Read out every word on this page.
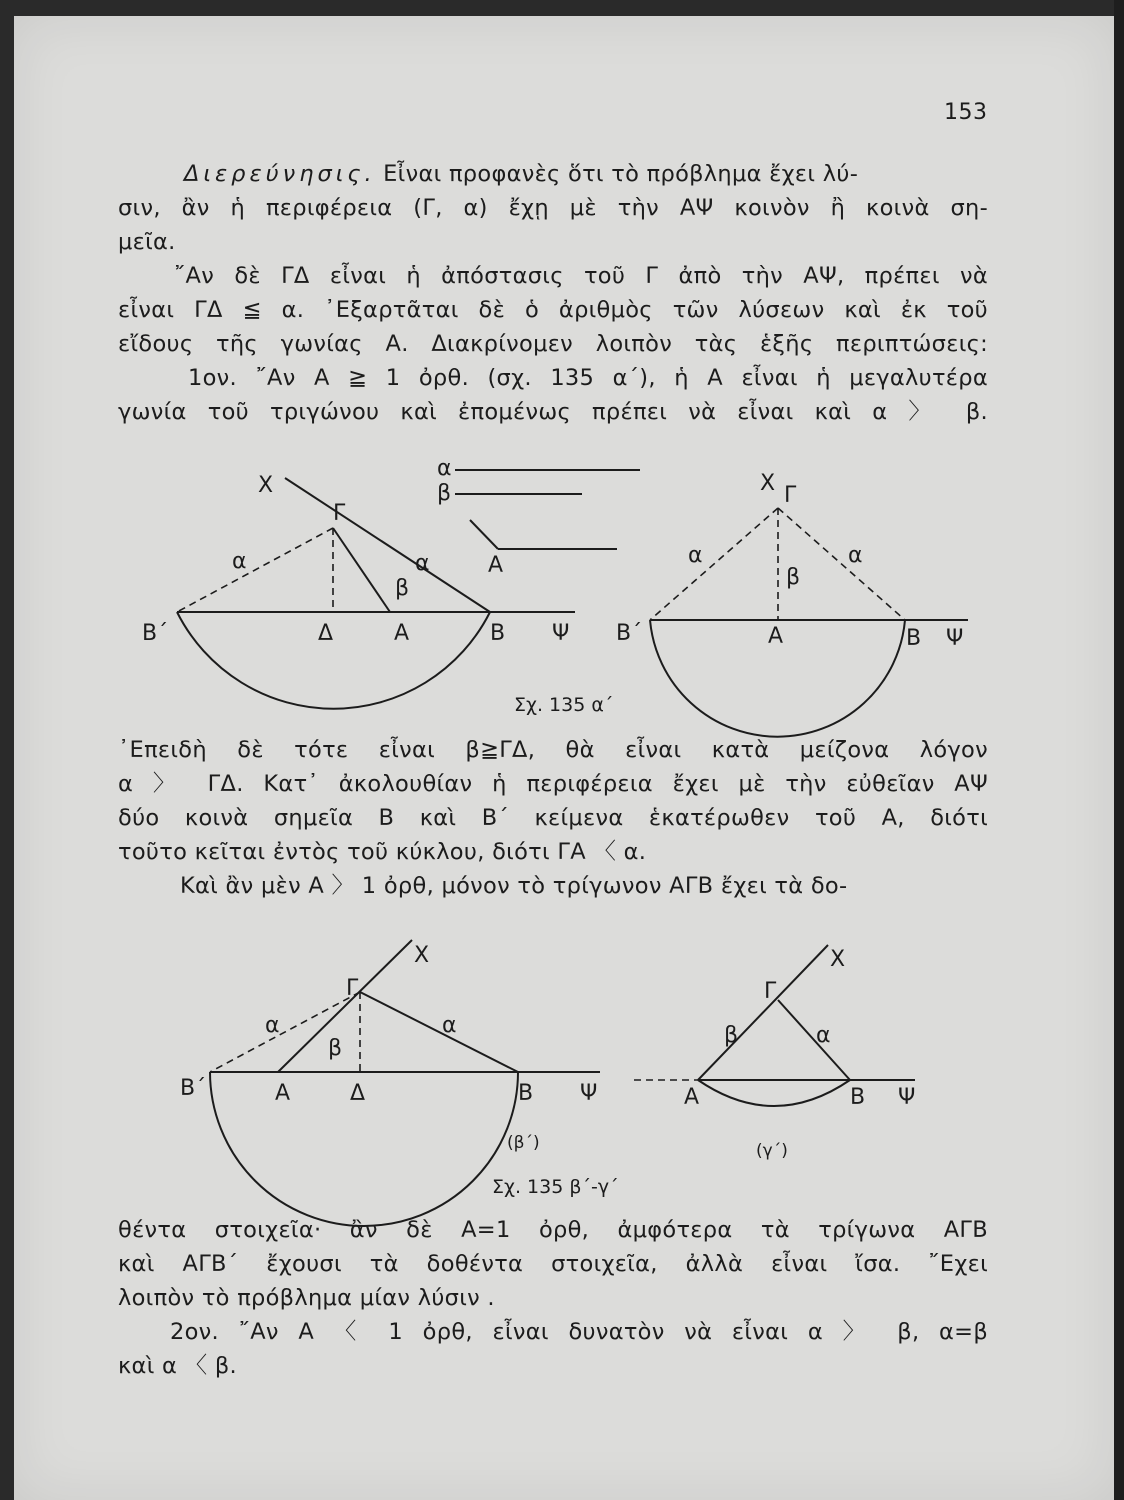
153
Διερεύνησις. Εἶναι προφανὲς ὅτι τὸ πρόβλημα ἔχει λύ-
σιν, ἂν ἡ περιφέρεια (Γ, α) ἔχῃ μὲ τὴν ΑΨ κοινὸν ἢ κοινὰ ση-
μεῖα.
῎Αν δὲ ΓΔ εἶναι ἡ ἀπόστασις τοῦ Γ ἀπὸ τὴν ΑΨ, πρέπει νὰ
εἶναι ΓΔ ≦ α. ᾿Εξαρτᾶται δὲ ὁ ἀριθμὸς τῶν λύσεων καὶ ἐκ τοῦ
εἴδους τῆς γωνίας Α. Διακρίνομεν λοιπὸν τὰς ἑξῆς περιπτώσεις:
1ον. ῎Αν Α ≧ 1 ὀρθ. (σχ. 135 α΄), ἡ Α εἶναι ἡ μεγαλυτέρα
γωνία τοῦ τριγώνου καὶ ἐπομένως πρέπει νὰ εἶναι καὶ α 〉 β.
X
Γ
α	α
β
B΄	Δ	Α	Β Ψ
α
β
Α
X Γ
α	α
β
Β΄	Α	Β Ψ
Σχ. 135 α΄
᾿Επειδὴ δὲ τότε εἶναι β≧ΓΔ, θὰ εἶναι κατὰ μείζονα λόγον
α 〉 ΓΔ. Κατ᾿ ἀκολουθίαν ἡ περιφέρεια ἔχει μὲ τὴν εὐθεῖαν ΑΨ
δύο κοινὰ σημεῖα Β καὶ Β΄ κείμενα ἑκατέρωθεν τοῦ Α, διότι
τοῦτο κεῖται ἐντὸς τοῦ κύκλου, διότι ΓΑ 〈 α.
Καὶ ἂν μὲν Α 〉 1 ὀρθ, μόνον τὸ τρίγωνον ΑΓΒ ἔχει τὰ δο-
X
Γ
α	α
β
Β΄	Α	Δ	Β Ψ
(β΄)
X
Γ
β	α
Α	Β Ψ
(γ΄)
Σχ. 135 β΄-γ΄
θέντα στοιχεῖα· ἂν δὲ Α=1 ὀρθ, ἀμφότερα τὰ τρίγωνα ΑΓΒ
καὶ ΑΓΒ΄ ἔχουσι τὰ δοθέντα στοιχεῖα, ἀλλὰ εἶναι ἴσα. ῎Εχει
λοιπὸν τὸ πρόβλημα μίαν λύσιν .
2ον. ῎Αν Α 〈 1 ὀρθ, εἶναι δυνατὸν νὰ εἶναι α 〉 β, α=β
καὶ α 〈 β.
